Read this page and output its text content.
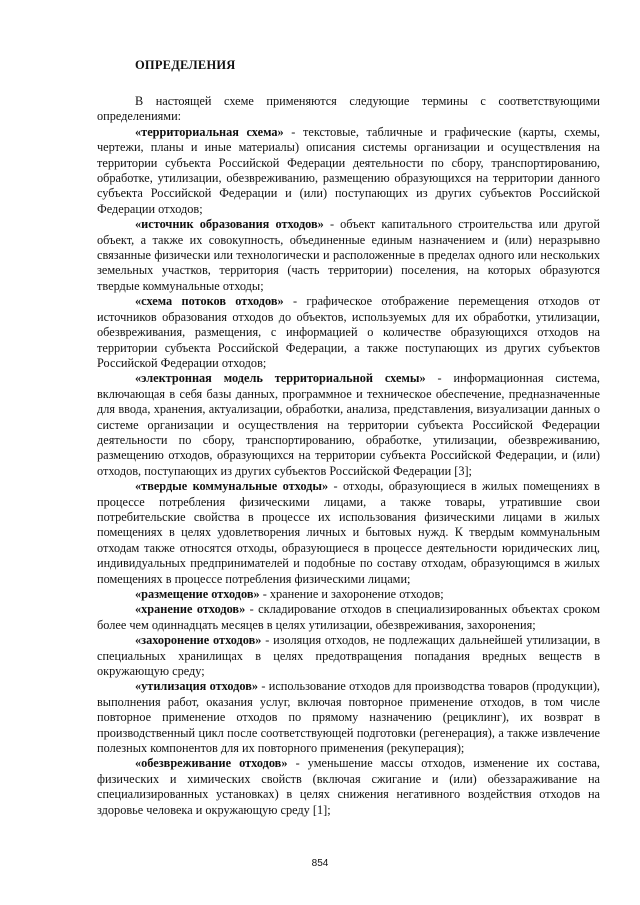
ОПРЕДЕЛЕНИЯ

В настоящей схеме применяются следующие термины с соответствующими определениями:

«территориальная схема» - текстовые, табличные и графические (карты, схемы, чертежи, планы и иные материалы) описания системы организации и осуществления на территории субъекта Российской Федерации деятельности по сбору, транспортированию, обработке, утилизации, обезвреживанию, размещению образующихся на территории данного субъекта Российской Федерации и (или) поступающих из других субъектов Российской Федерации отходов;

«источник образования отходов» - объект капитального строительства или другой объект, а также их совокупность, объединенные единым назначением и (или) неразрывно связанные физически или технологически и расположенные в пределах одного или нескольких земельных участков, территория (часть территории) поселения, на которых образуются твердые коммунальные отходы;

«схема потоков отходов» - графическое отображение перемещения отходов от источников образования отходов до объектов, используемых для их обработки, утилизации, обезвреживания, размещения, с информацией о количестве образующихся отходов на территории субъекта Российской Федерации, а также поступающих из других субъектов Российской Федерации отходов;

«электронная модель территориальной схемы» - информационная система, включающая в себя базы данных, программное и техническое обеспечение, предназначенные для ввода, хранения, актуализации, обработки, анализа, представления, визуализации данных о системе организации и осуществления на территории субъекта Российской Федерации деятельности по сбору, транспортированию, обработке, утилизации, обезвреживанию, размещению отходов, образующихся на территории субъекта Российской Федерации, и (или) отходов, поступающих из других субъектов Российской Федерации [3];

«твердые коммунальные отходы» - отходы, образующиеся в жилых помещениях в процессе потребления физическими лицами, а также товары, утратившие свои потребительские свойства в процессе их использования физическими лицами в жилых помещениях в целях удовлетворения личных и бытовых нужд. К твердым коммунальным отходам также относятся отходы, образующиеся в процессе деятельности юридических лиц, индивидуальных предпринимателей и подобные по составу отходам, образующимся в жилых помещениях в процессе потребления физическими лицами;

«размещение отходов» - хранение и захоронение отходов;

«хранение отходов» - складирование отходов в специализированных объектах сроком более чем одиннадцать месяцев в целях утилизации, обезвреживания, захоронения;

«захоронение отходов» - изоляция отходов, не подлежащих дальнейшей утилизации, в специальных хранилищах в целях предотвращения попадания вредных веществ в окружающую среду;

«утилизация отходов» - использование отходов для производства товаров (продукции), выполнения работ, оказания услуг, включая повторное применение отходов, в том числе повторное применение отходов по прямому назначению (рециклинг), их возврат в производственный цикл после соответствующей подготовки (регенерация), а также извлечение полезных компонентов для их повторного применения (рекуперация);

«обезвреживание отходов» - уменьшение массы отходов, изменение их состава, физических и химических свойств (включая сжигание и (или) обеззараживание на специализированных установках) в целях снижения негативного воздействия отходов на здоровье человека и окружающую среду [1];

854
